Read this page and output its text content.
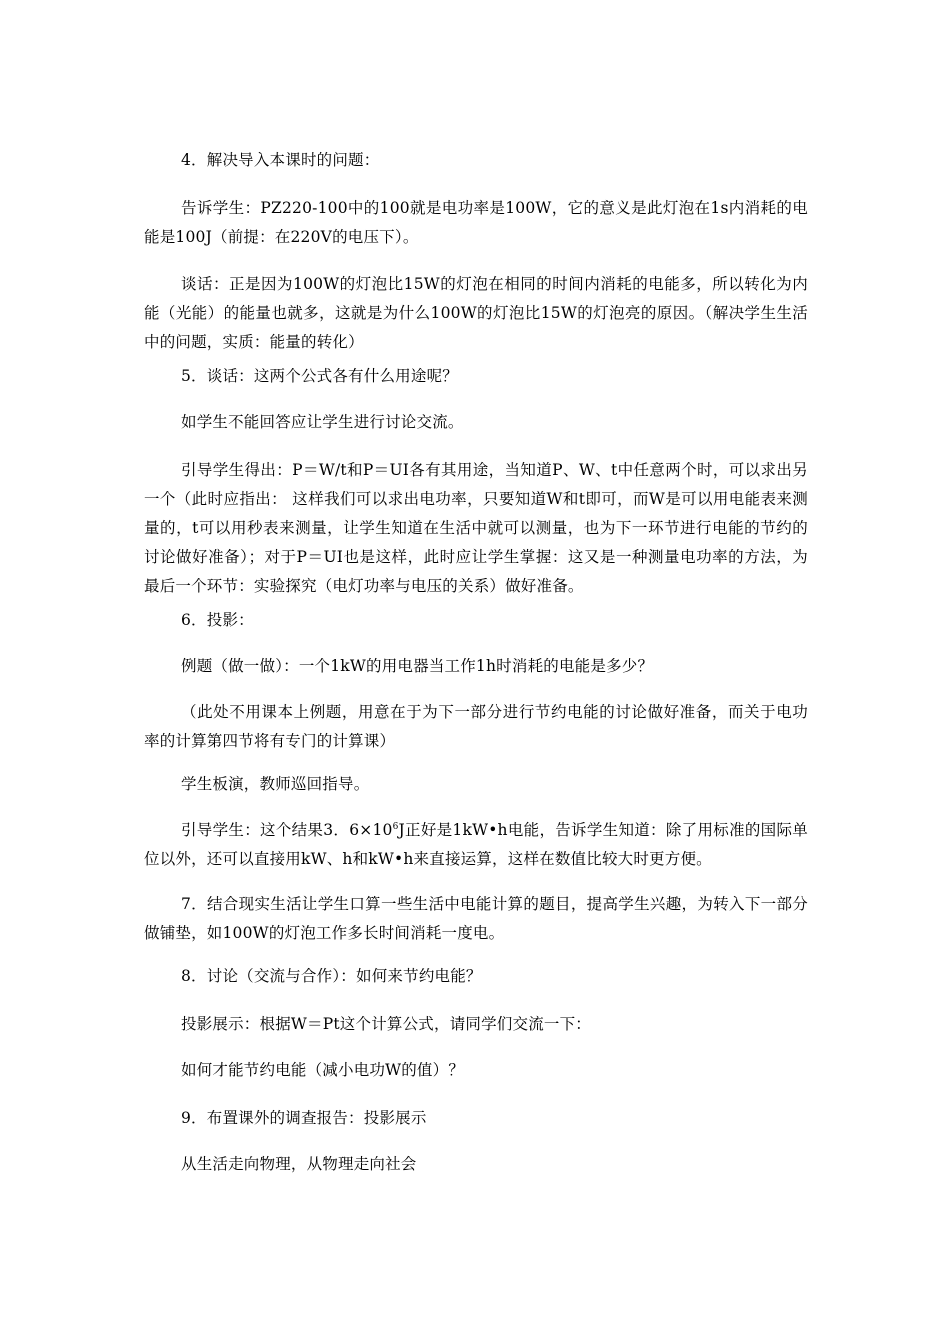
4．解决导入本课时的问题：

告诉学生：PZ220-100中的100就是电功率是100W，它的意义是此灯泡在1s内消耗的电能是100J（前提：在220V的电压下）。

谈话：正是因为100W的灯泡比15W的灯泡在相同的时间内消耗的电能多，所以转化为内能（光能）的能量也就多，这就是为什么100W的灯泡比15W的灯泡亮的原因。（解决学生生活中的问题，实质：能量的转化）

5．谈话：这两个公式各有什么用途呢？

如学生不能回答应让学生进行讨论交流。

引导学生得出：P＝W/t和P＝UI各有其用途，当知道P、W、t中任意两个时，可以求出另一个（此时应指出： 这样我们可以求出电功率，只要知道W和t即可，而W是可以用电能表来测量的，t可以用秒表来测量，让学生知道在生活中就可以测量，也为下一环节进行电能的节约的讨论做好准备）；对于P＝UI也是这样，此时应让学生掌握：这又是一种测量电功率的方法，为最后一个环节：实验探究（电灯功率与电压的关系）做好准备。

6．投影：

例题（做一做）：一个1kW的用电器当工作1h时消耗的电能是多少？

（此处不用课本上例题，用意在于为下一部分进行节约电能的讨论做好准备，而关于电功率的计算第四节将有专门的计算课）

学生板演，教师巡回指导。

引导学生：这个结果3．$6\times 10^6J$正好是1kW•h电能，告诉学生知道：除了用标准的国际单位以外，还可以直接用kW、h和kW•h来直接运算，这样在数值比较大时更方便。

7．结合现实生活让学生口算一些生活中电能计算的题目，提高学生兴趣，为转入下一部分做铺垫，如100W的灯泡工作多长时间消耗一度电。

8．讨论（交流与合作）：如何来节约电能？

投影展示：根据W＝Pt这个计算公式，请同学们交流一下：

如何才能节约电能（减小电功W的值）？

9．布置课外的调查报告：投影展示

从生活走向物理，从物理走向社会
